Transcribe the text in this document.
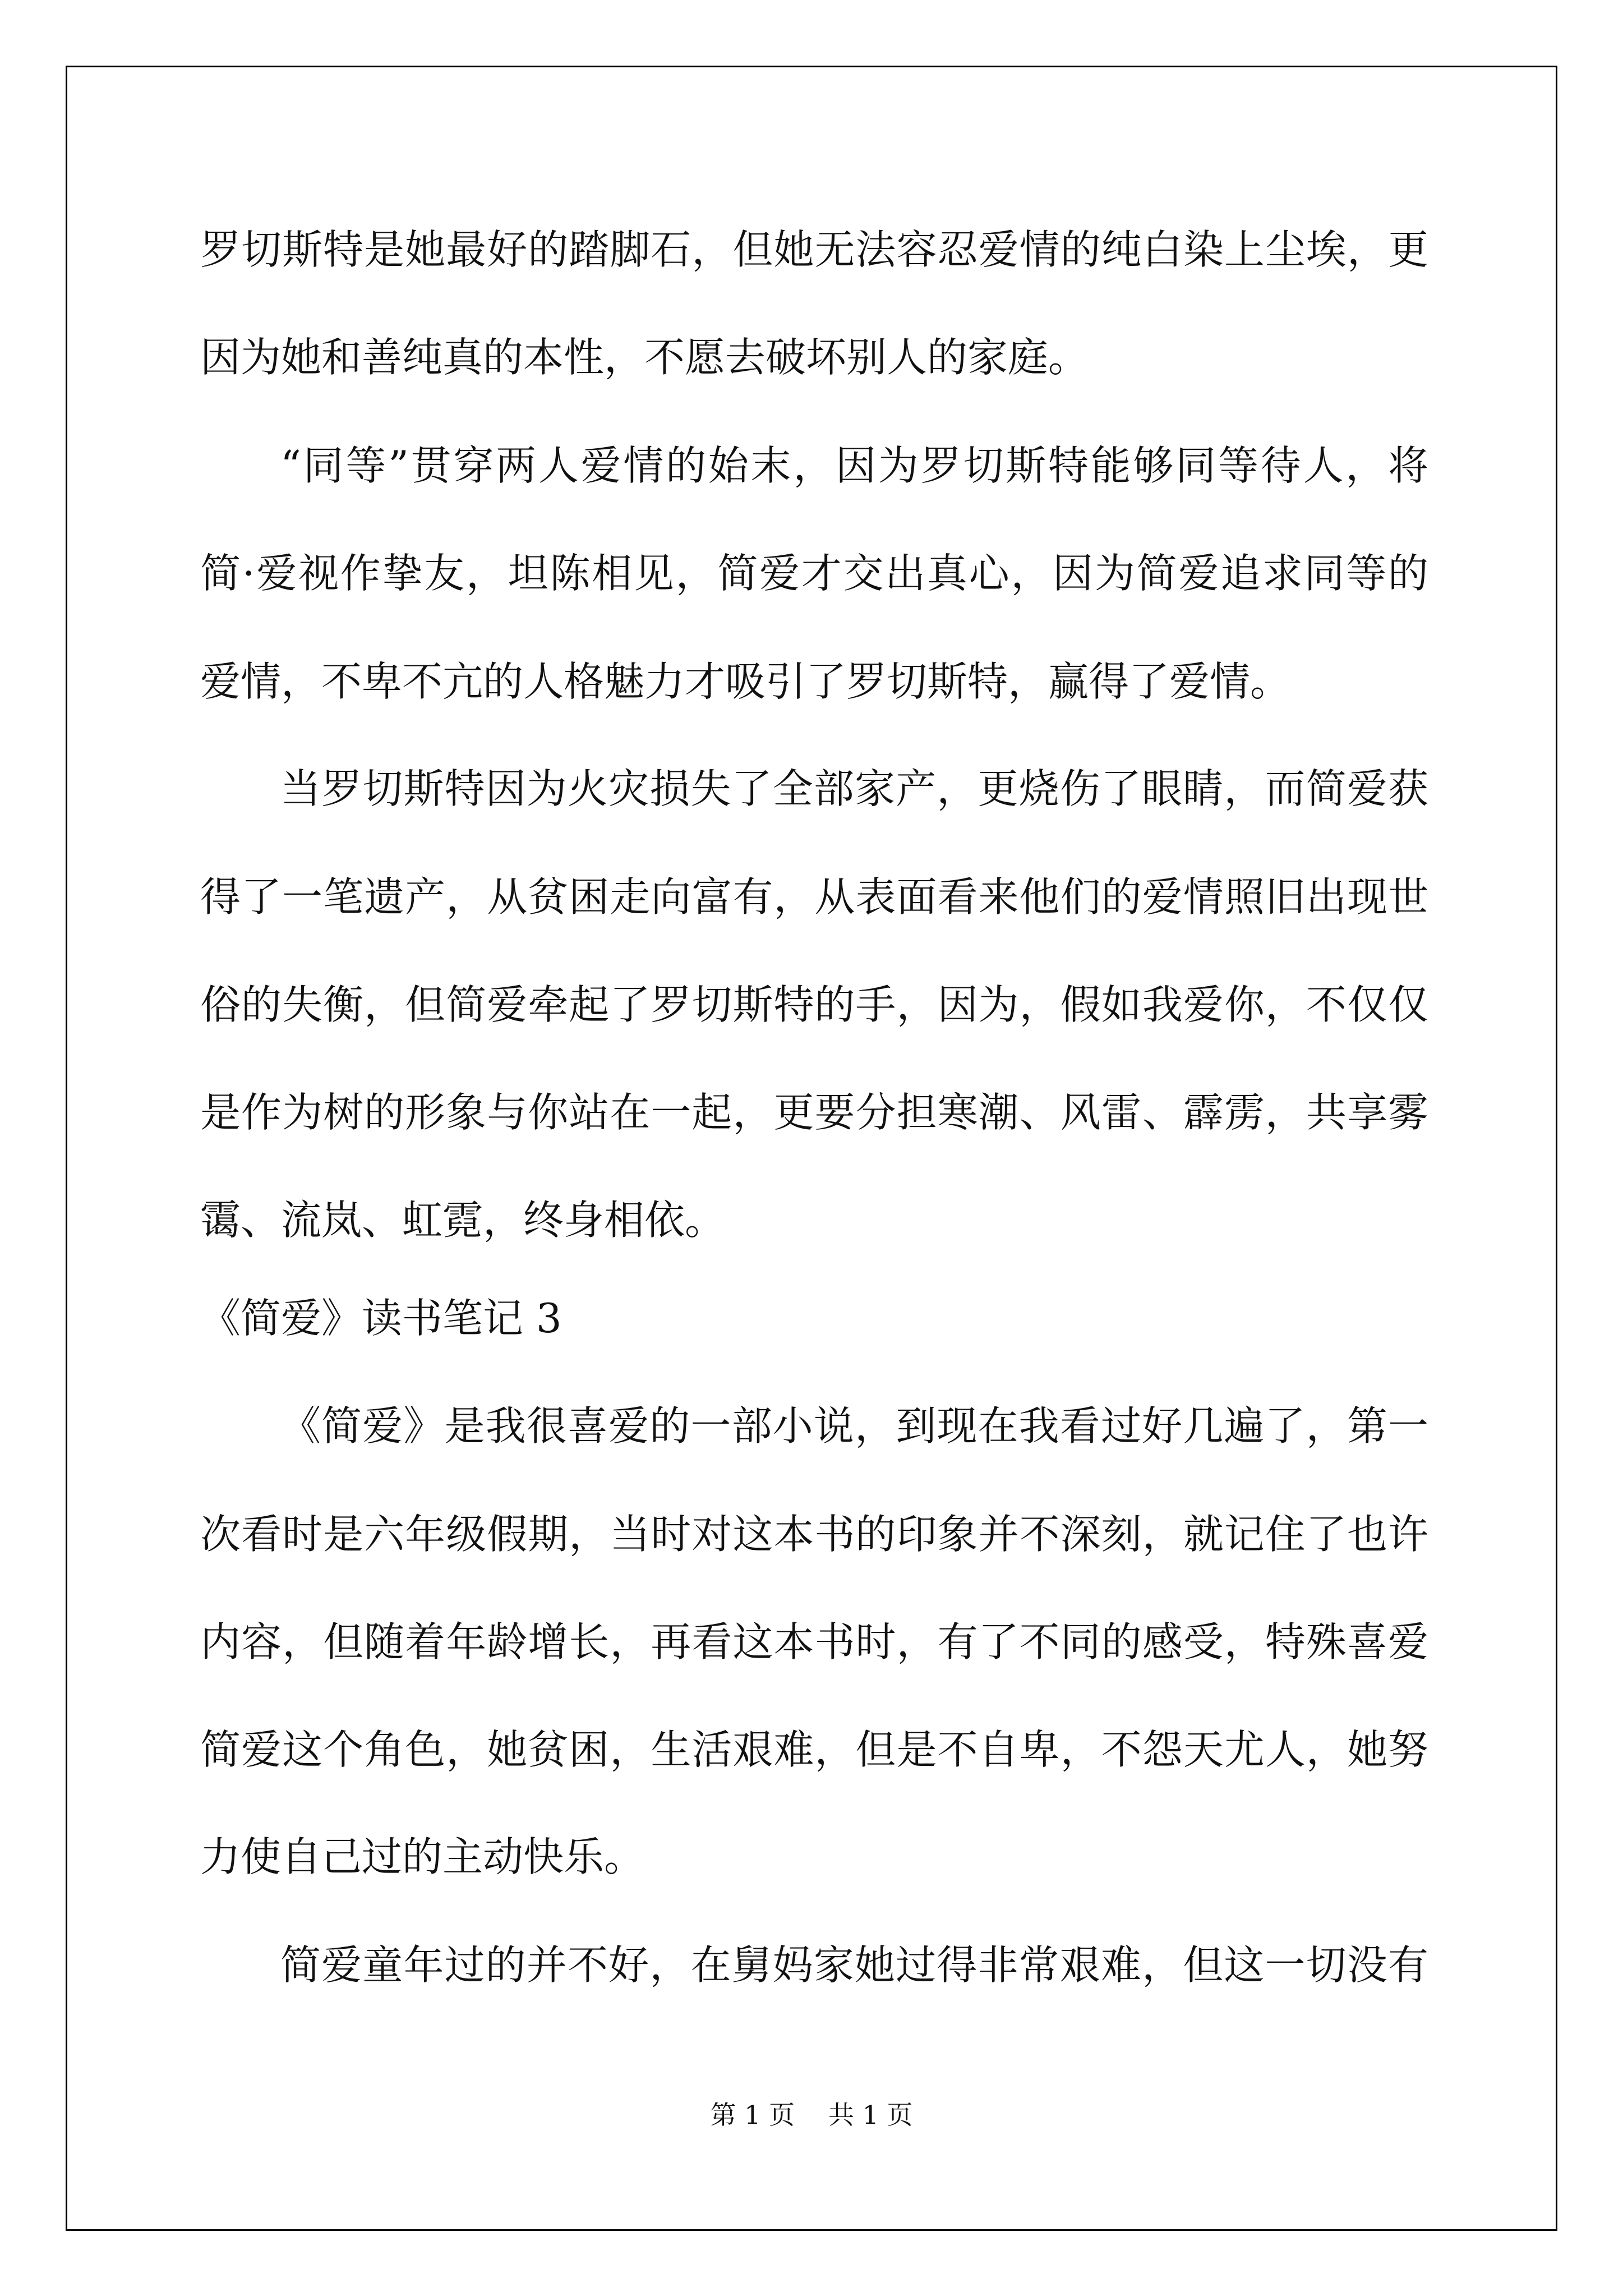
罗切斯特是她最好的踏脚石，但她无法容忍爱情的纯白染上尘埃，更
因为她和善纯真的本性，不愿去破坏别人的家庭。
“同等”贯穿两人爱情的始末，因为罗切斯特能够同等待人，将
简·爱视作挚友，坦陈相见，简爱才交出真心，因为简爱追求同等的
爱情，不卑不亢的人格魅力才吸引了罗切斯特，赢得了爱情。
当罗切斯特因为火灾损失了全部家产，更烧伤了眼睛，而简爱获
得了一笔遗产，从贫困走向富有，从表面看来他们的爱情照旧出现世
俗的失衡，但简爱牵起了罗切斯特的手，因为，假如我爱你，不仅仅
是作为树的形象与你站在一起，更要分担寒潮、风雷、霹雳，共享雾
霭、流岚、虹霓，终身相依。
《简爱》读书笔记 3
《简爱》是我很喜爱的一部小说，到现在我看过好几遍了，第一
次看时是六年级假期，当时对这本书的印象并不深刻，就记住了也许
内容，但随着年龄增长，再看这本书时，有了不同的感受，特殊喜爱
简爱这个角色，她贫困，生活艰难，但是不自卑，不怨天尤人，她努
力使自己过的主动快乐。
简爱童年过的并不好，在舅妈家她过得非常艰难，但这一切没有
第 1 页 共 1 页
